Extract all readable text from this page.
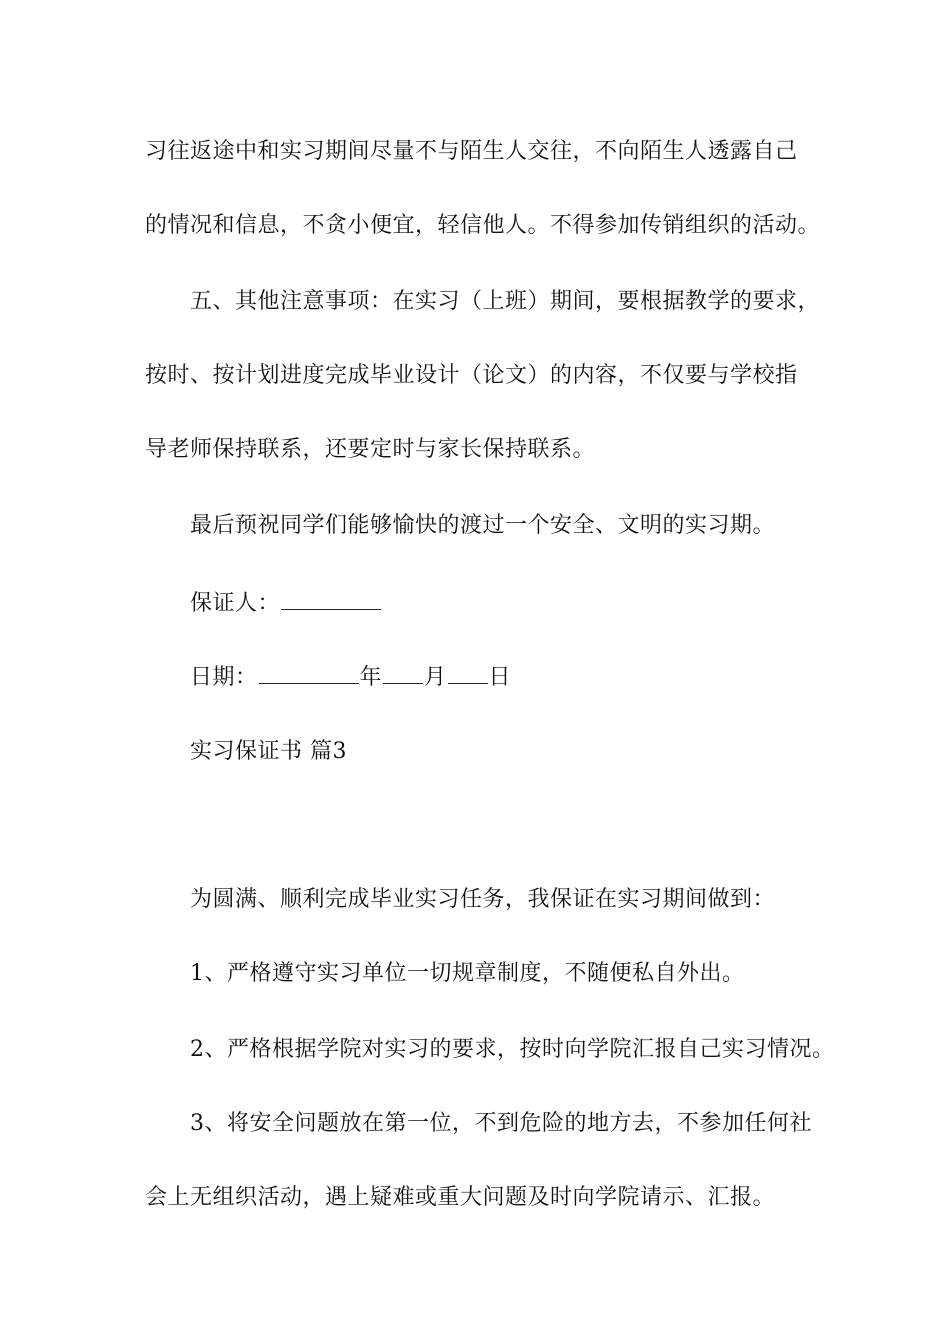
习往返途中和实习期间尽量不与陌生人交往，不向陌生人透露自己
的情况和信息，不贪小便宜，轻信他人。不得参加传销组织的活动。
五、其他注意事项：在实习（上班）期间，要根据教学的要求，
按时、按计划进度完成毕业设计（论文）的内容，不仅要与学校指
导老师保持联系，还要定时与家长保持联系。
最后预祝同学们能够愉快的渡过一个安全、文明的实习期。
保证人：
日期：	年 月 日
实习保证书 篇3
为圆满、顺利完成毕业实习任务，我保证在实习期间做到：
1、严格遵守实习单位一切规章制度，不随便私自外出。
2、严格根据学院对实习的要求，按时向学院汇报自己实习情况。
3、将安全问题放在第一位，不到危险的地方去，不参加任何社
会上无组织活动，遇上疑难或重大问题及时向学院请示、汇报。
